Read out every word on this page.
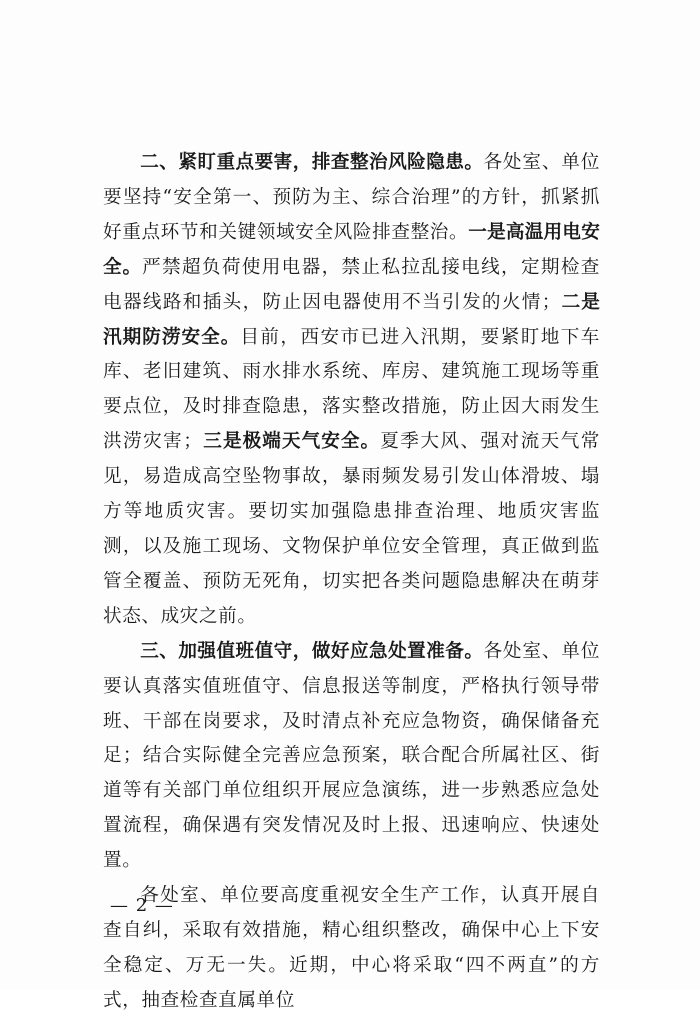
二、紧盯重点要害，排查整治风险隐患。各处室、单位要坚持“安全第一、预防为主、综合治理”的方针，抓紧抓好重点环节和关键领域安全风险排查整治。一是高温用电安全。严禁超负荷使用电器，禁止私拉乱接电线，定期检查电器线路和插头，防止因电器使用不当引发的火情；二是汛期防涝安全。目前，西安市已进入汛期，要紧盯地下车库、老旧建筑、雨水排水系统、库房、建筑施工现场等重要点位，及时排查隐患，落实整改措施，防止因大雨发生洪涝灾害；三是极端天气安全。夏季大风、强对流天气常见，易造成高空坠物事故，暴雨频发易引发山体滑坡、塌方等地质灾害。要切实加强隐患排查治理、地质灾害监测，以及施工现场、文物保护单位安全管理，真正做到监管全覆盖、预防无死角，切实把各类问题隐患解决在萌芽状态、成灾之前。

三、加强值班值守，做好应急处置准备。各处室、单位要认真落实值班值守、信息报送等制度，严格执行领导带班、干部在岗要求，及时清点补充应急物资，确保储备充足；结合实际健全完善应急预案，联合配合所属社区、街道等有关部门单位组织开展应急演练，进一步熟悉应急处置流程，确保遇有突发情况及时上报、迅速响应、快速处置。

各处室、单位要高度重视安全生产工作，认真开展自查自纠，采取有效措施，精心组织整改，确保中心上下安全稳定、万无一失。近期，中心将采取“四不两直”的方式，抽查检查直属单位

— 2 —
